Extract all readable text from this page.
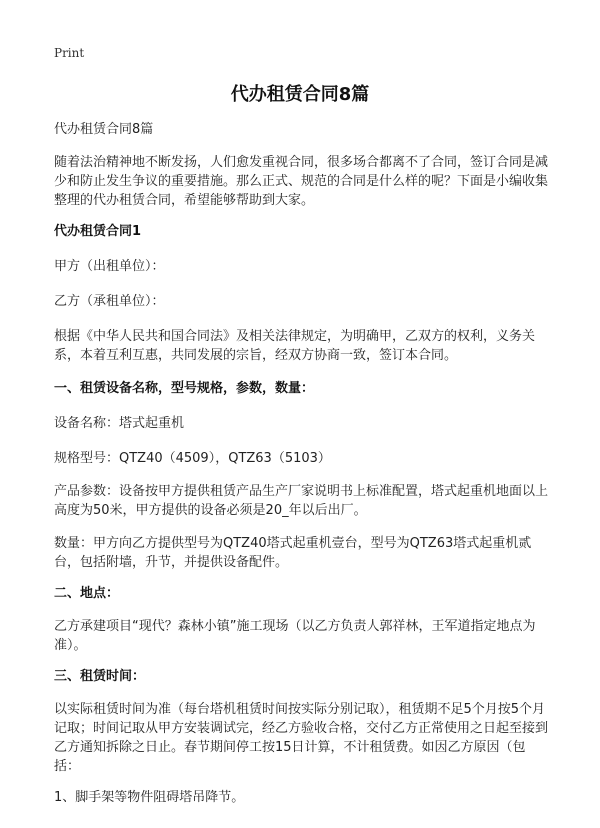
Print
代办租赁合同8篇

代办租赁合同8篇

随着法治精神地不断发扬，人们愈发重视合同，很多场合都离不了合同，签订合同是减少和防止发生争议的重要措施。那么正式、规范的合同是什么样的呢？下面是小编收集整理的代办租赁合同，希望能够帮助到大家。

代办租赁合同1

甲方（出租单位）：

乙方（承租单位）：

根据《中华人民共和国合同法》及相关法律规定，为明确甲，乙双方的权利，义务关系，本着互利互惠，共同发展的宗旨，经双方协商一致，签订本合同。

一、租赁设备名称，型号规格，参数，数量：

设备名称：塔式起重机

规格型号：QTZ40（4509），QTZ63（5103）

产品参数：设备按甲方提供租赁产品生产厂家说明书上标准配置，塔式起重机地面以上高度为50米，甲方提供的设备必须是20_年以后出厂。

数量：甲方向乙方提供型号为QTZ40塔式起重机壹台，型号为QTZ63塔式起重机贰台，包括附墙，升节，并提供设备配件。

二、地点：

乙方承建项目“现代？森林小镇”施工现场（以乙方负责人郭祥林，王军道指定地点为准）。

三、租赁时间：

以实际租赁时间为准（每台塔机租赁时间按实际分别记取），租赁期不足5个月按5个月记取；时间记取从甲方安装调试完，经乙方验收合格，交付乙方正常使用之日起至接到乙方通知拆除之日止。春节期间停工按15日计算，不计租赁费。如因乙方原因（包括：

1、脚手架等物件阻碍塔吊降节。
